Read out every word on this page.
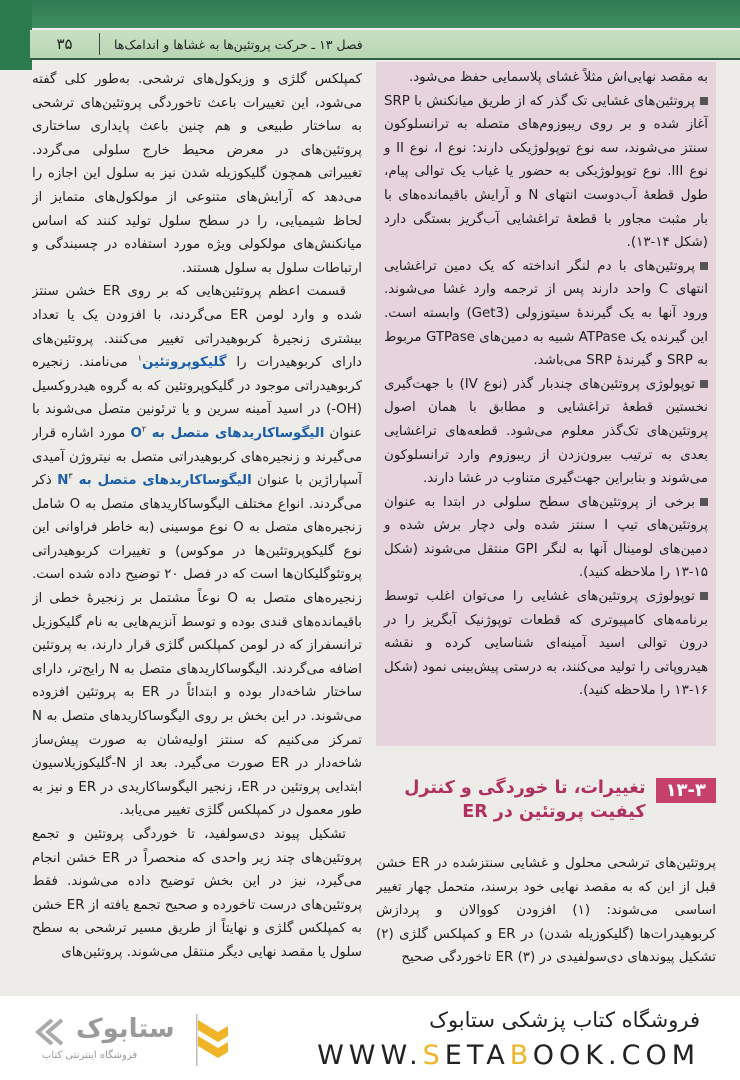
۳۵	فصل ۱۳ ـ حرکت پروتئین‌ها به غشاها و اندامک‌ها

کمپلکس گلژی و وزیکول‌های ترشحی. به‌طور کلی گفته می‌شود، این تغییرات باعث تاخوردگی پروتئین‌های ترشحی به ساختار طبیعی و هم چنین باعث پایداری ساختاری پروتئین‌های در معرض محیط خارج سلولی می‌گردد. تغییراتی همچون گلیکوزیله شدن نیز به سلول این اجازه را می‌دهد که آرایش‌های متنوعی از مولکول‌های متمایز از لحاظ شیمیایی، را در سطح سلول تولید کنند که اساس میانکنش‌های مولکولی ویژه مورد استفاده در چسبندگی و ارتباطات سلول به سلول هستند.

قسمت اعظم پروتئین‌هایی که بر روی ER خشن سنتز شده و وارد لومن ER می‌گردند، با افزودن یک یا تعداد بیشتری زنجیرهٔ کربوهیدراتی تغییر می‌کنند. پروتئین‌های دارای کربوهیدرات را گلیکوپروتئین$^۱$ می‌نامند. زنجیره کربوهیدراتی موجود در گلیکوپروتئین که به گروه هیدروکسیل (OH-) در اسید آمینه سرین و یا ترئونین متصل می‌شوند با عنوان الیگوساکاریدهای متصل به $O^۲$ مورد اشاره قرار می‌گیرند و زنجیره‌های کربوهیدراتی متصل به نیتروژن آمیدی آسپاراژین با عنوان الیگوساکاریدهای متصل به $N^۳$ ذکر می‌گردند. انواع مختلف الیگوساکاریدهای متصل به O شامل زنجیره‌های متصل به O نوع موسینی (به خاطر فراوانی این نوع گلیکوپروتئین‌ها در موکوس) و تغییرات کربوهیدراتی پروتئوگلیکان‌ها است که در فصل ۲۰ توضیح داده شده است. زنجیره‌های متصل به O نوعاً مشتمل بر زنجیرهٔ خطی از باقیمانده‌های قندی بوده و توسط آنزیم‌هایی به نام گلیکوزیل ترانسفراز که در لومن کمپلکس گلژی قرار دارند، به پروتئین اضافه می‌گردند. الیگوساکاریدهای متصل به N رایج‌تر، دارای ساختار شاخه‌دار بوده و ابتدائاً در ER به پروتئین افزوده می‌شوند. در این بخش بر روی الیگوساکاریدهای متصل به N تمرکز می‌کنیم که سنتز اولیه‌شان به صورت پیش‌ساز شاخه‌دار در ER صورت می‌گیرد. بعد از N-گلیکوزیلاسیون ابتدایی پروتئین در ER، زنجیر الیگوساکاریدی در ER و نیز به طور معمول در کمپلکس گلژی تغییر می‌یابد.

تشکیل پیوند دی‌سولفید، تا خوردگی پروتئین و تجمع پروتئین‌های چند زیر واحدی که منحصراً در ER خشن انجام می‌گیرد، نیز در این بخش توضیح داده می‌شوند. فقط پروتئین‌های درست تاخورده و صحیح تجمع یافته از ER خشن به کمپلکس گلژی و نهایتاً از طریق مسیر ترشحی به سطح سلول یا مقصد نهایی دیگر منتقل می‌شوند. پروتئین‌های

به مقصد نهایی‌اش مثلاً غشای پلاسمایی حفظ می‌شود.

پروتئین‌های غشایی تک گذر که از طریق میانکنش با SRP آغاز شده و بر روی ریبوزوم‌های متصله به ترانسلوکون سنتز می‌شوند، سه نوع توپولوژیکی دارند: نوع I، نوع II و نوع III. نوع توپولوژیکی به حضور یا غیاب یک توالی پیام، طول قطعهٔ آب‌دوست انتهای N و آرایش باقیمانده‌های با بار مثبت مجاور با قطعهٔ تراغشایی آب‌گریز بستگی دارد (شکل ۱۴-۱۳).

پروتئین‌های با دم لنگر انداخته که یک دمین تراغشایی انتهای C واحد دارند پس از ترجمه وارد غشا می‌شوند. ورود آنها به یک گیرندهٔ سیتوزولی (Get3) وابسته است. این گیرنده یک ATPase شبیه به دمین‌های GTPase مربوط به SRP و گیرندهٔ SRP می‌باشد.

توپولوژی پروتئین‌های چندبار گذر (نوع IV) با جهت‌گیری نخستین قطعهٔ تراغشایی و مطابق با همان اصول پروتئین‌های تک‌گذر معلوم می‌شود. قطعه‌های تراغشایی بعدی به ترتیب بیرون‌زدن از ریبوزوم وارد ترانسلوکون می‌شوند و بنابراین جهت‌گیری متناوب در غشا دارند.

برخی از پروتئین‌های سطح سلولی در ابتدا به عنوان پروتئین‌های تیپ I سنتز شده ولی دچار برش شده و دمین‌های لومینال آنها به لنگر GPI منتقل می‌شوند (شکل ۱۵-۱۳ را ملاحظه کنید).

توپولوژی پروتئین‌های غشایی را می‌توان اغلب توسط برنامه‌های کامپیوتری که قطعات توپوژنیک آبگریز را در درون توالی اسید آمینه‌ای شناسایی کرده و نقشه هیدروپاتی را تولید می‌کنند، به درستی پیش‌بینی نمود (شکل ۱۶-۱۳ را ملاحظه کنید).

۱۳-۳
تغییرات، تا خوردگی و کنترل کیفیت پروتئین در ER

پروتئین‌های ترشحی محلول و غشایی سنتزشده در ER خشن قبل از این که به مقصد نهایی خود برسند، متحمل چهار تغییر اساسی می‌شوند: (۱) افزودن کووالان و پردازش کربوهیدرات‌ها (گلیکوزیله شدن) در ER و کمپلکس گلژی (۲) تشکیل پیوندهای دی‌سولفیدی در ER (۳) تاخوردگی صحیح

ستابوک
فروشگاه اینترنتی کتاب
فروشگاه کتاب پزشکی ستابوک
WWW.SETABOOK.COM
